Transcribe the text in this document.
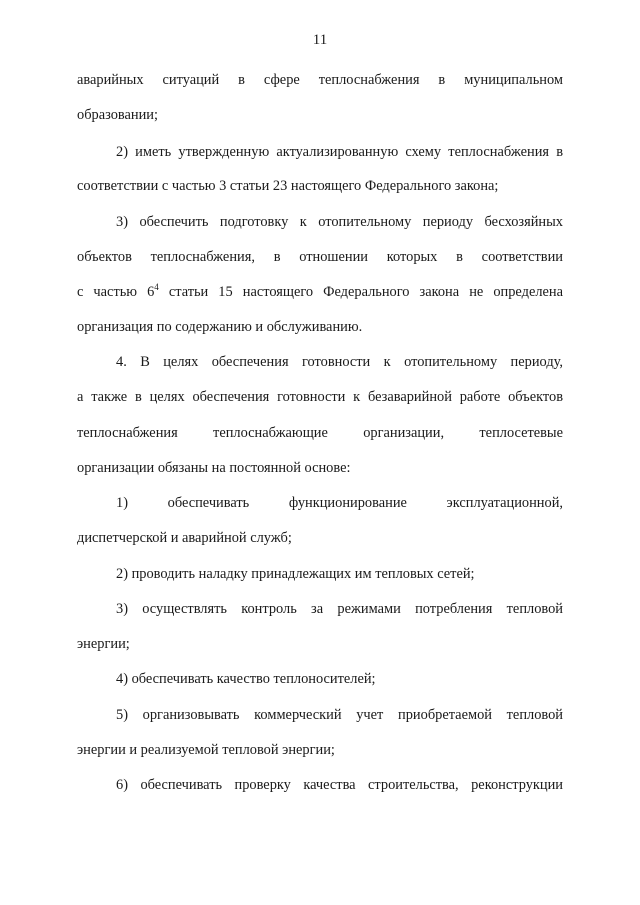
11
аварийных ситуаций в сфере теплоснабжения в муниципальном
образовании;
2) иметь утвержденную актуализированную схему теплоснабжения в
соответствии с частью 3 статьи 23 настоящего Федерального закона;
3) обеспечить подготовку к отопительному периоду бесхозяйных
объектов теплоснабжения, в отношении которых в соответствии
с частью $6^4$ статьи 15 настоящего Федерального закона не определена
организация по содержанию и обслуживанию.
4. В целях обеспечения готовности к отопительному периоду,
а также в целях обеспечения готовности к безаварийной работе объектов
теплоснабжения теплоснабжающие организации, теплосетевые
организации обязаны на постоянной основе:
1) обеспечивать функционирование эксплуатационной,
диспетчерской и аварийной служб;
2) проводить наладку принадлежащих им тепловых сетей;
3) осуществлять контроль за режимами потребления тепловой
энергии;
4) обеспечивать качество теплоносителей;
5) организовывать коммерческий учет приобретаемой тепловой
энергии и реализуемой тепловой энергии;
6) обеспечивать проверку качества строительства, реконструкции
